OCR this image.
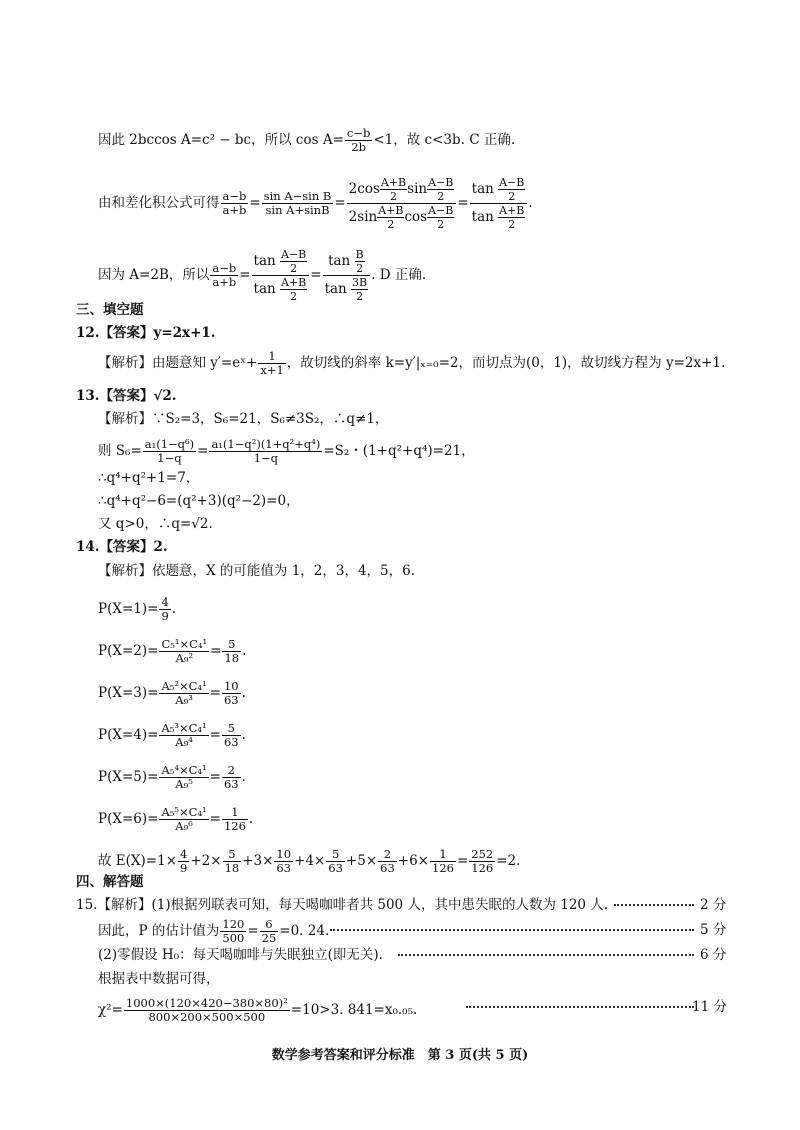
因此 2bccos A=c² − bc，所以 $\cos A= \frac{c-b}{2b} <1$，故 c<3b. C 正确.
由和差化积公式可得 $\frac{a-b}{a+b} = \frac{\text{sin A−sin B}}{\text{sin A+sinB}} = \frac{2\cos \frac{A+B}{2} \sin \frac{A-B}{2}}{2\sin \frac{A+B}{2} \cos \frac{A-B}{2}} = \frac{\tan \frac{A-B}{2}}{\tan \frac{A+B}{2}}$ .
因为 A=2B，所以 $\frac{a-b}{a+b} = \frac{\tan \frac{A-B}{2}}{\tan \frac{A+B}{2}} = \frac{\tan \frac{B}{2}}{\tan \frac{3B}{2}}$ . D 正确.
三、填空题
12.【答案】y=2x+1.
【解析】由题意知 y′=eˣ+ $\frac{1}{x+1}$ ，故切线的斜率 k=y′|ₓ₌₀=2，而切点为(0，1)，故切线方程为 y=2x+1.
13.【答案】√2.
【解析】∵S₂=3，S₆=21，S₆≠3S₂，∴q≠1，
则 $S_6= \frac{\text{a₁(1−q⁶)}}{1-q} = \frac{\text{a₁(1−q²)(1+q²+q⁴)}}{1-q} =S_2$・(1+q²+q⁴)=21，
∴q⁴+q²+1=7，
∴q⁴+q²−6=(q²+3)(q²−2)=0，
又 q>0，∴q=√2.
14.【答案】2.
【解析】依题意，X 的可能值为 1，2，3，4，5，6.
$P(X=1)= \frac{4}{9}$ .
$P(X=2)= \frac{\text{C₅¹×C₄¹}}{\text{A₉²}} = \frac{5}{18}$ .
$P(X=3)= \frac{\text{A₅²×C₄¹}}{\text{A₉³}} = \frac{10}{63}$ .
$P(X=4)= \frac{\text{A₅³×C₄¹}}{\text{A₉⁴}} = \frac{5}{63}$ .
$P(X=5)= \frac{\text{A₅⁴×C₄¹}}{\text{A₉⁵}} = \frac{2}{63}$ .
$P(X=6)= \frac{\text{A₅⁵×C₄¹}}{\text{A₉⁶}} = \frac{1}{126}$ .
故 $E(X)=1\times \frac{4}{9} +2\times \frac{5}{18} +3\times \frac{10}{63} +4\times \frac{5}{63} +5\times \frac{2}{63} +6\times \frac{1}{126} = \frac{252}{126} =2$.
四、解答题
15.【解析】(1)根据列联表可知，每天喝咖啡者共 500 人，其中患失眠的人数为 120 人.	2 分
因此，P 的估计值为 $\frac{120}{500} = \frac{6}{25} =0$. 24.	5 分
(2)零假设 H₀：每天喝咖啡与失眠独立(即无关).	6 分
根据表中数据可得，
$\chi^2= \frac{\text{1000×(120×420−380×80)²}}{800\times 200\times 500\times 500} =10>3$. 841=x₀.₀₅.	11 分
数学参考答案和评分标准　第 3 页(共 5 页)
